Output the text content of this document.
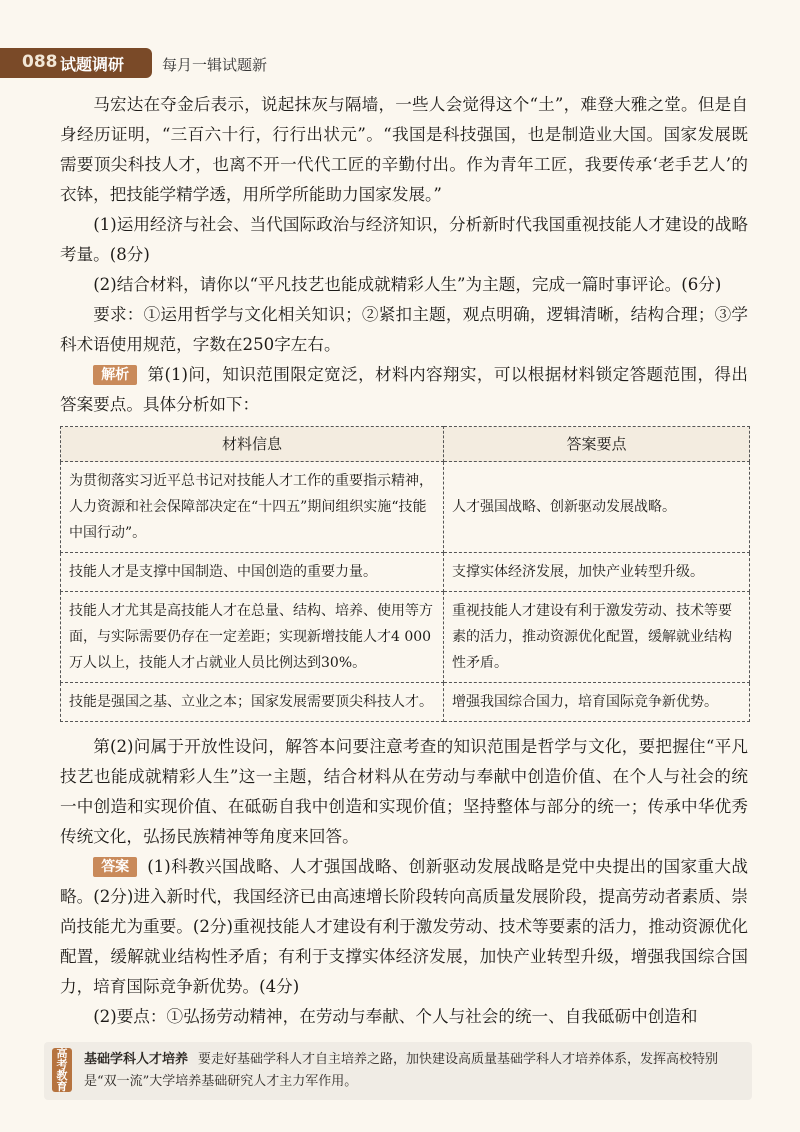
088 试题调研	每月一辑试题新

马宏达在夺金后表示，说起抹灰与隔墙，一些人会觉得这个“土”，难登大雅之堂。但是自身经历证明，“三百六十行，行行出状元”。“我国是科技强国，也是制造业大国。国家发展既需要顶尖科技人才，也离不开一代代工匠的辛勤付出。作为青年工匠，我要传承‘老手艺人’的衣钵，把技能学精学透，用所学所能助力国家发展。”

(1)运用经济与社会、当代国际政治与经济知识，分析新时代我国重视技能人才建设的战略考量。(8分)

(2)结合材料，请你以“平凡技艺也能成就精彩人生”为主题，完成一篇时事评论。(6分)

要求：①运用哲学与文化相关知识；②紧扣主题，观点明确，逻辑清晰，结构合理；③学科术语使用规范，字数在250字左右。

解析 第(1)问，知识范围限定宽泛，材料内容翔实，可以根据材料锁定答题范围，得出答案要点。具体分析如下：

材料信息	答案要点
为贯彻落实习近平总书记对技能人才工作的重要指示精神，人力资源和社会保障部决定在“十四五”期间组织实施“技能中国行动”。	人才强国战略、创新驱动发展战略。
技能人才是支撑中国制造、中国创造的重要力量。	支撑实体经济发展，加快产业转型升级。
技能人才尤其是高技能人才在总量、结构、培养、使用等方面，与实际需要仍存在一定差距；实现新增技能人才4 000万人以上，技能人才占就业人员比例达到30%。	重视技能人才建设有利于激发劳动、技术等要素的活力，推动资源优化配置，缓解就业结构性矛盾。
技能是强国之基、立业之本；国家发展需要顶尖科技人才。	增强我国综合国力，培育国际竞争新优势。

第(2)问属于开放性设问，解答本问要注意考查的知识范围是哲学与文化，要把握住“平凡技艺也能成就精彩人生”这一主题，结合材料从在劳动与奉献中创造价值、在个人与社会的统一中创造和实现价值、在砥砺自我中创造和实现价值；坚持整体与部分的统一；传承中华优秀传统文化，弘扬民族精神等角度来回答。

答案 (1)科教兴国战略、人才强国战略、创新驱动发展战略是党中央提出的国家重大战略。(2分)进入新时代，我国经济已由高速增长阶段转向高质量发展阶段，提高劳动者素质、崇尚技能尤为重要。(2分)重视技能人才建设有利于激发劳动、技术等要素的活力，推动资源优化配置，缓解就业结构性矛盾；有利于支撑实体经济发展，加快产业转型升级，增强我国综合国力，培育国际竞争新优势。(4分)

(2)要点：①弘扬劳动精神，在劳动与奉献、个人与社会的统一、自我砥砺中创造和

高考教育
基础学科人才培养 要走好基础学科人才自主培养之路，加快建设高质量基础学科人才培养体系，发挥高校特别是“双一流”大学培养基础研究人才主力军作用。
